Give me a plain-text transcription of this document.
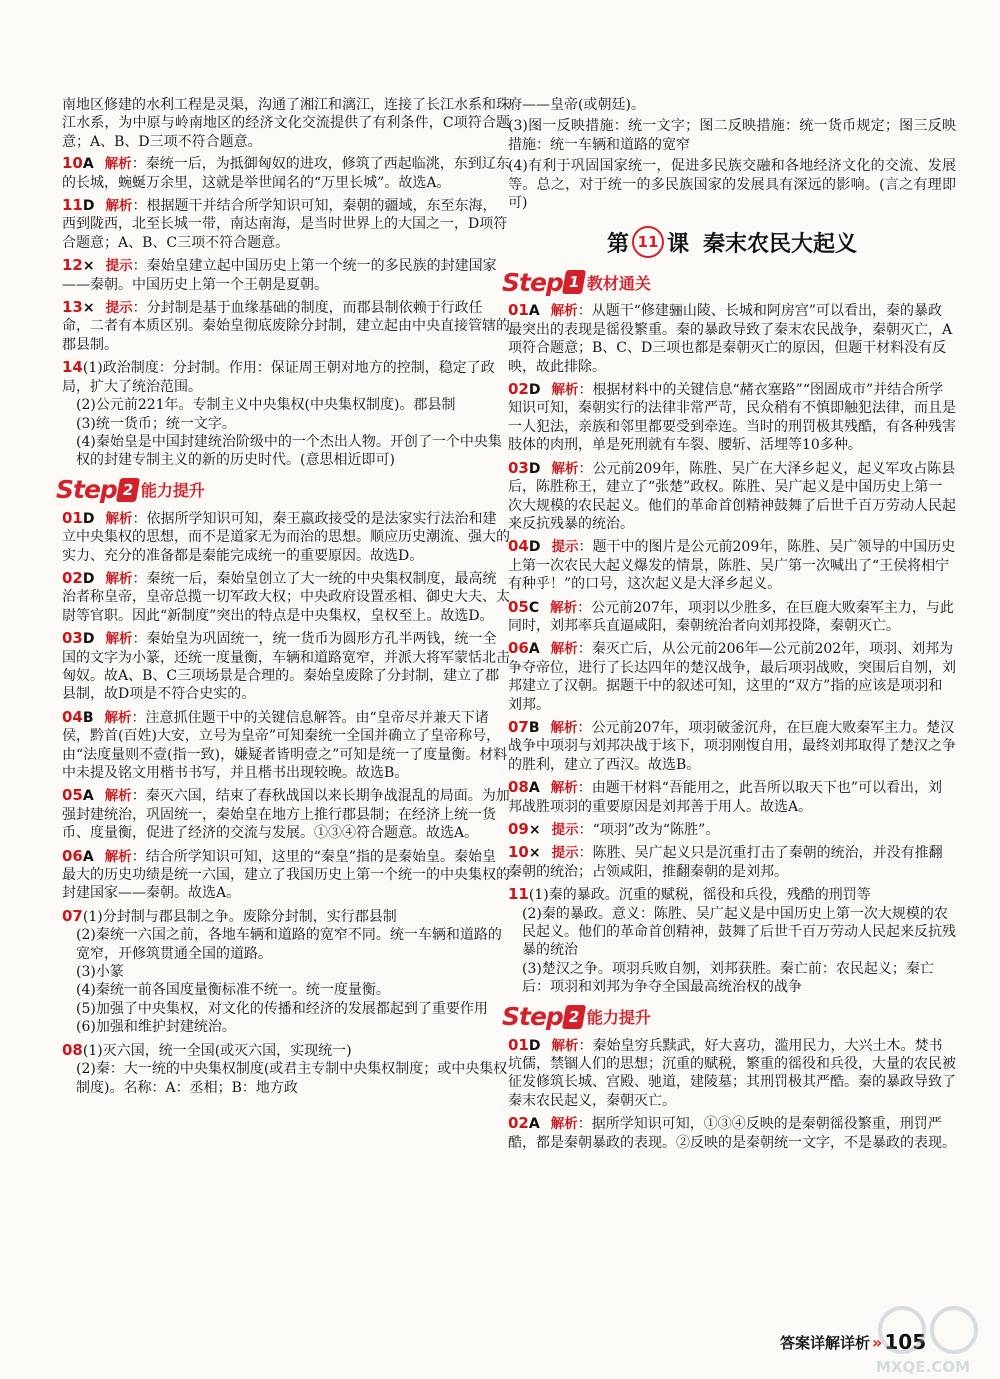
南地区修建的水利工程是灵渠，沟通了湘江和漓江，连接了长江水系和珠江水系，为中原与岭南地区的经济文化交流提供了有利条件，C项符合题意；A、B、D三项不符合题意。

10A 解析：秦统一后，为抵御匈奴的进攻，修筑了西起临洮，东到辽东的长城，蜿蜒万余里，这就是举世闻名的“万里长城”。故选A。
11D 解析：根据题干并结合所学知识可知，秦朝的疆域，东至东海，西到陇西，北至长城一带，南达南海，是当时世界上的大国之一，D项符合题意；A、B、C三项不符合题意。
12× 提示：秦始皇建立起中国历史上第一个统一的多民族的封建国家——秦朝。中国历史上第一个王朝是夏朝。
13× 提示：分封制是基于血缘基础的制度，而郡县制依赖于行政任命，二者有本质区别。秦始皇彻底废除分封制，建立起由中央直接管辖的郡县制。
14(1)政治制度：分封制。作用：保证周王朝对地方的控制，稳定了政局，扩大了统治范围。
(2)公元前221年。专制主义中央集权(中央集权制度)。郡县制
(3)统一货币；统一文字。
(4)秦始皇是中国封建统治阶级中的一个杰出人物。开创了一个中央集权的封建专制主义的新的历史时代。(意思相近即可)
Step 2 能力提升
01D 解析：依据所学知识可知，秦王嬴政接受的是法家实行法治和建立中央集权的思想，而不是道家无为而治的思想。顺应历史潮流、强大的实力、充分的准备都是秦能完成统一的重要原因。故选D。
02D 解析：秦统一后，秦始皇创立了大一统的中央集权制度，最高统治者称皇帝，皇帝总揽一切军政大权；中央政府设置丞相、御史大夫、太尉等官职。因此“新制度”突出的特点是中央集权，皇权至上。故选D。
03D 解析：秦始皇为巩固统一，统一货币为圆形方孔半两钱，统一全国的文字为小篆，还统一度量衡，车辆和道路宽窄，并派大将军蒙恬北击匈奴。故A、B、C三项场景是合理的。秦始皇废除了分封制，建立了郡县制，故D项是不符合史实的。
04B 解析：注意抓住题干中的关键信息解答。由“皇帝尽并兼天下诸侯，黔首(百姓)大安，立号为皇帝”可知秦统一全国并确立了皇帝称号，由“法度量则不壹(指一致)，嫌疑者皆明壹之”可知是统一了度量衡。材料中未提及铭文用楷书书写，并且楷书出现较晚。故选B。
05A 解析：秦灭六国，结束了春秋战国以来长期争战混乱的局面。为加强封建统治，巩固统一，秦始皇在地方上推行郡县制；在经济上统一货币、度量衡，促进了经济的交流与发展。①③④符合题意。故选A。
06A 解析：结合所学知识可知，这里的“秦皇”指的是秦始皇。秦始皇最大的历史功绩是统一六国，建立了我国历史上第一个统一的中央集权的封建国家——秦朝。故选A。
07(1)分封制与郡县制之争。废除分封制，实行郡县制
(2)秦统一六国之前，各地车辆和道路的宽窄不同。统一车辆和道路的宽窄，开修筑贯通全国的道路。
(3)小篆
(4)秦统一前各国度量衡标准不统一。统一度量衡。
(5)加强了中央集权，对文化的传播和经济的发展都起到了重要作用
(6)加强和维护封建统治。
08(1)灭六国，统一全国(或灭六国，实现统一)
(2)秦：大一统的中央集权制度(或君主专制中央集权制度；或中央集权制度)。名称：A：丞相；B：地方政

府——皇帝(或朝廷)。

(3)图一反映措施：统一文字；图二反映措施：统一货币规定；图三反映措施：统一车辆和道路的宽窄

(4)有利于巩固国家统一，促进多民族交融和各地经济文化的交流、发展等。总之，对于统一的多民族国家的发展具有深远的影响。(言之有理即可)

第 11 课 秦末农民大起义
Step 1 教材通关
01A 解析：从题干“修建骊山陵、长城和阿房宫”可以看出，秦的暴政最突出的表现是徭役繁重。秦的暴政导致了秦末农民战争，秦朝灭亡，A项符合题意；B、C、D三项也都是秦朝灭亡的原因，但题干材料没有反映，故此排除。
02D 解析：根据材料中的关键信息“赭衣塞路”“囹圄成市”并结合所学知识可知，秦朝实行的法律非常严苛，民众稍有不慎即触犯法律，而且是一人犯法，亲族和邻里都要受到牵连。当时的刑罚极其残酷，有各种残害肢体的肉刑，单是死刑就有车裂、腰斩、活埋等10多种。
03D 解析：公元前209年，陈胜、吴广在大泽乡起义，起义军攻占陈县后，陈胜称王，建立了“张楚”政权。陈胜、吴广起义是中国历史上第一次大规模的农民起义。他们的革命首创精神鼓舞了后世千百万劳动人民起来反抗残暴的统治。
04D 提示：题干中的图片是公元前209年，陈胜、吴广领导的中国历史上第一次农民大起义爆发的情景，陈胜、吴广第一次喊出了“王侯将相宁有种乎！”的口号，这次起义是大泽乡起义。
05C 解析：公元前207年，项羽以少胜多，在巨鹿大败秦军主力，与此同时，刘邦率兵直逼咸阳，秦朝统治者向刘邦投降，秦朝灭亡。
06A 解析：秦灭亡后，从公元前206年—公元前202年，项羽、刘邦为争夺帝位，进行了长达四年的楚汉战争，最后项羽战败，突围后自刎，刘邦建立了汉朝。据题干中的叙述可知，这里的“双方”指的应该是项羽和刘邦。
07B 解析：公元前207年，项羽破釜沉舟，在巨鹿大败秦军主力。楚汉战争中项羽与刘邦决战于垓下，项羽刚愎自用，最终刘邦取得了楚汉之争的胜利，建立了西汉。故选B。
08A 解析：由题干材料“吾能用之，此吾所以取天下也”可以看出，刘邦战胜项羽的重要原因是刘邦善于用人。故选A。
09× 提示：“项羽”改为“陈胜”。
10× 提示：陈胜、吴广起义只是沉重打击了秦朝的统治，并没有推翻秦朝的统治；占领咸阳，推翻秦朝的是刘邦。
11(1)秦的暴政。沉重的赋税，徭役和兵役，残酷的刑罚等
(2)秦的暴政。意义：陈胜、吴广起义是中国历史上第一次大规模的农民起义。他们的革命首创精神，鼓舞了后世千百万劳动人民起来反抗残暴的统治
(3)楚汉之争。项羽兵败自刎，刘邦获胜。秦亡前：农民起义；秦亡后：项羽和刘邦为争夺全国最高统治权的战争
Step 2 能力提升
01D 解析：秦始皇穷兵黩武，好大喜功，滥用民力，大兴土木。焚书坑儒，禁锢人们的思想；沉重的赋税，繁重的徭役和兵役，大量的农民被征发修筑长城、宫殿、驰道，建陵墓；其刑罚极其严酷。秦的暴政导致了秦末农民起义，秦朝灭亡。
02A 解析：据所学知识可知，①③④反映的是秦朝徭役繁重，刑罚严酷，都是秦朝暴政的表现。②反映的是秦朝统一文字，不是暴政的表现。
答案详解详析 » 105
MXQE.COM
